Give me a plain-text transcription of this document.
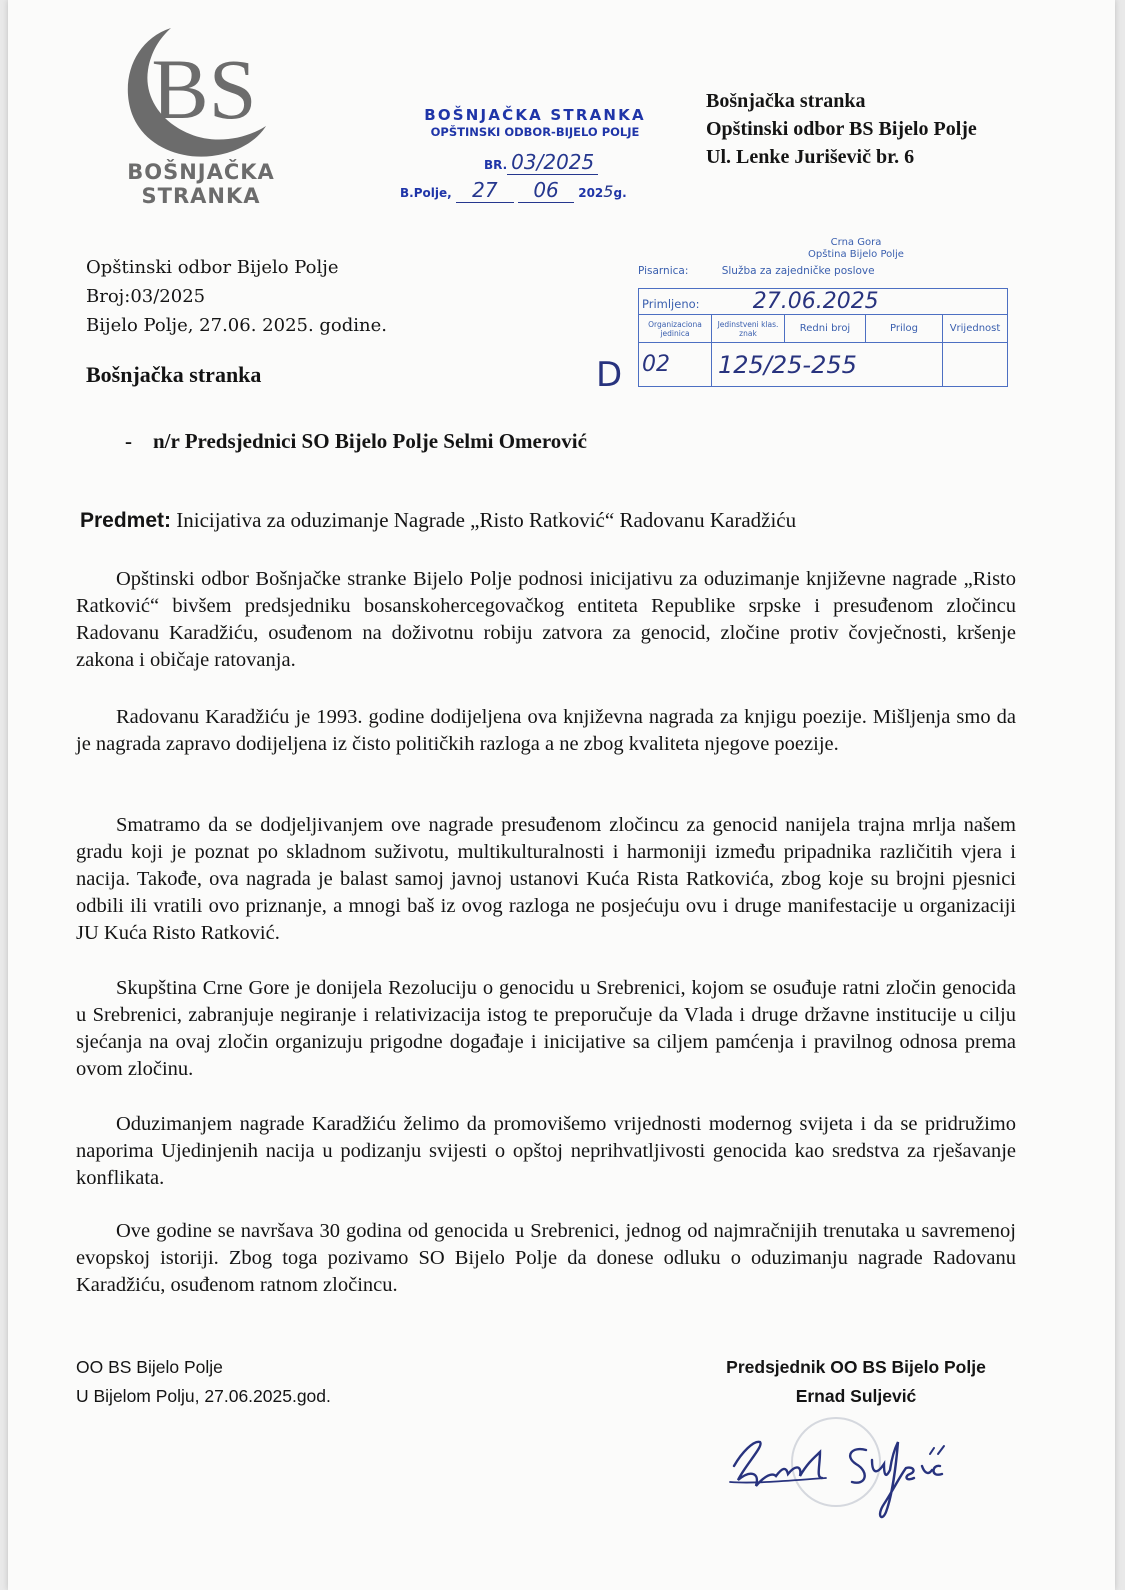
BS
BOŠNJAČKA
STRANKA
BOŠNJAČKA STRANKA
OPŠTINSKI ODBOR-BIJELO POLJE
BR. 03/2025
B.Polje, 27 06 2025g.
Bošnjačka stranka
Opštinski odbor BS Bijelo Polje
Ul. Lenke Juriševič br. 6
Crna Gora
Opština Bijelo Polje
Pisarnica:	Služba za zajedničke poslove
Primljeno: 27.06.2025				
Organizaciona jedinica	Jedinstveni klas. znak	Redni broj	Prilog	Vrijednost
02	125/25-255			
D
Opštinski odbor Bijelo Polje
Broj:03/2025
Bijelo Polje, 27.06. 2025. godine.
Bošnjačka stranka
- n/r Predsjednici SO Bijelo Polje Selmi Omerović
Predmet: Inicijativa za oduzimanje Nagrade „Risto Ratković“ Radovanu Karadžiću
Opštinski odbor Bošnjačke stranke Bijelo Polje podnosi inicijativu za oduzimanje književne nagrade „Risto Ratković“ bivšem predsjedniku bosanskohercegovačkog entiteta Republike srpske i presuđenom zločincu Radovanu Karadžiću, osuđenom na doživotnu robiju zatvora za genocid, zločine protiv čovječnosti, kršenje zakona i običaje ratovanja.
Radovanu Karadžiću je 1993. godine dodijeljena ova književna nagrada za knjigu poezije. Mišljenja smo da je nagrada zapravo dodijeljena iz čisto političkih razloga a ne zbog kvaliteta njegove poezije.
Smatramo da se dodjeljivanjem ove nagrade presuđenom zločincu za genocid nanijela trajna mrlja našem gradu koji je poznat po skladnom suživotu, multikulturalnosti i harmoniji između pripadnika različitih vjera i nacija. Takođe, ova nagrada je balast samoj javnoj ustanovi Kuća Rista Ratkovića, zbog koje su brojni pjesnici odbili ili vratili ovo priznanje, a mnogi baš iz ovog razloga ne posjećuju ovu i druge manifestacije u organizaciji JU Kuća Risto Ratković.
Skupština Crne Gore je donijela Rezoluciju o genocidu u Srebrenici, kojom se osuđuje ratni zločin genocida u Srebrenici, zabranjuje negiranje i relativizacija istog te preporučuje da Vlada i druge državne institucije u cilju sjećanja na ovaj zločin organizuju prigodne događaje i inicijative sa ciljem pamćenja i pravilnog odnosa prema ovom zločinu.
Oduzimanjem nagrade Karadžiću želimo da promovišemo vrijednosti modernog svijeta i da se pridružimo naporima Ujedinjenih nacija u podizanju svijesti o opštoj neprihvatljivosti genocida kao sredstva za rješavanje konflikata.
Ove godine se navršava 30 godina od genocida u Srebrenici, jednog od najmračnijih trenutaka u savremenoj evopskoj istoriji. Zbog toga pozivamo SO Bijelo Polje da donese odluku o oduzimanju nagrade Radovanu Karadžiću, osuđenom ratnom zločincu.
OO BS Bijelo Polje
U Bijelom Polju, 27.06.2025.god.
Predsjednik OO BS Bijelo Polje
Ernad Suljević
